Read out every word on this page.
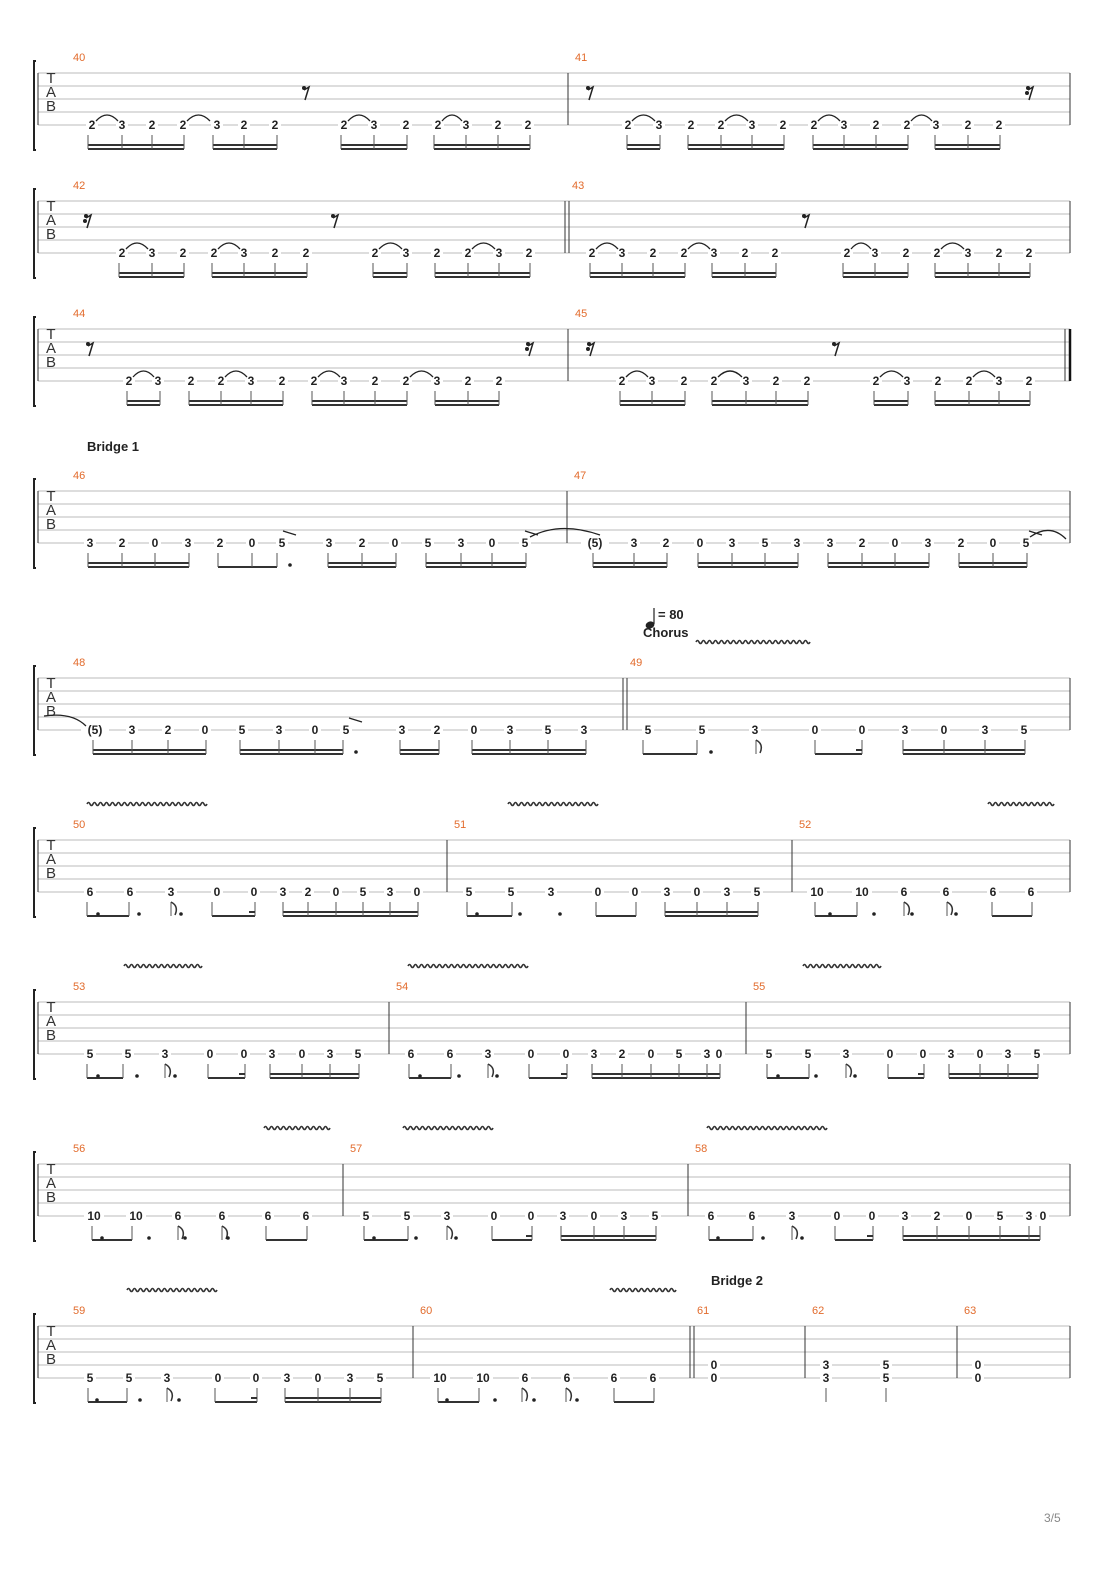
T
A
B
40	41
2 3 2 2 3 2 2	2 3 2 2 3 2 2	2 3 2 2 3 2 2 3 2 2 3 2 2
T
A
B
42	43
2 3 2 2 3 2 2	2 3 2 2 3 2	2 3 2 2 3 2 2	2 3 2 2 3 2 2
T
A
B
44	45
2 3 2 2 3 2 2 3 2 2 3 2 2	2 3 2 2 3 2 2	2 3 2 2 3 2
T
A
B
46	47
3 2 0 3 2 0 5	3 2 0 5 3 0 5	(5) 3 2 0 3 5 3 3 2 0 3 2 0 5
T
A
B
48	49
(5) 3 2	0	5	3 0 5	3 2	0 3	5 3	5	5	3	0	0	3	0	3	5
T
A
B
50	51	52
6	6	3	0	0 3 2 0 5 3 0	5	5	3	0	0 3 0 3 5	10	10	6	6	6	6
T
A
B
53	54	55
5	5	3	0 0 3 0 3 5	6	6	3	0 0 3 2 0 5 3 0	5	5	3	0 0 3 0 3 5
T
A
B
56	57	58
10 10	6	6	6	6	5	5	3	0	0 3 0 3 5	6	6	3	0 0 3 2 0 5 3 0
T
A
B
59	60	61	62	63
5	5	3	0	0 3 0 3 5	10 10	6	6	6	6
0
0
3
3
5
5
0
0
Bridge 1
Bridge 2
= 80
Chorus
3/5
